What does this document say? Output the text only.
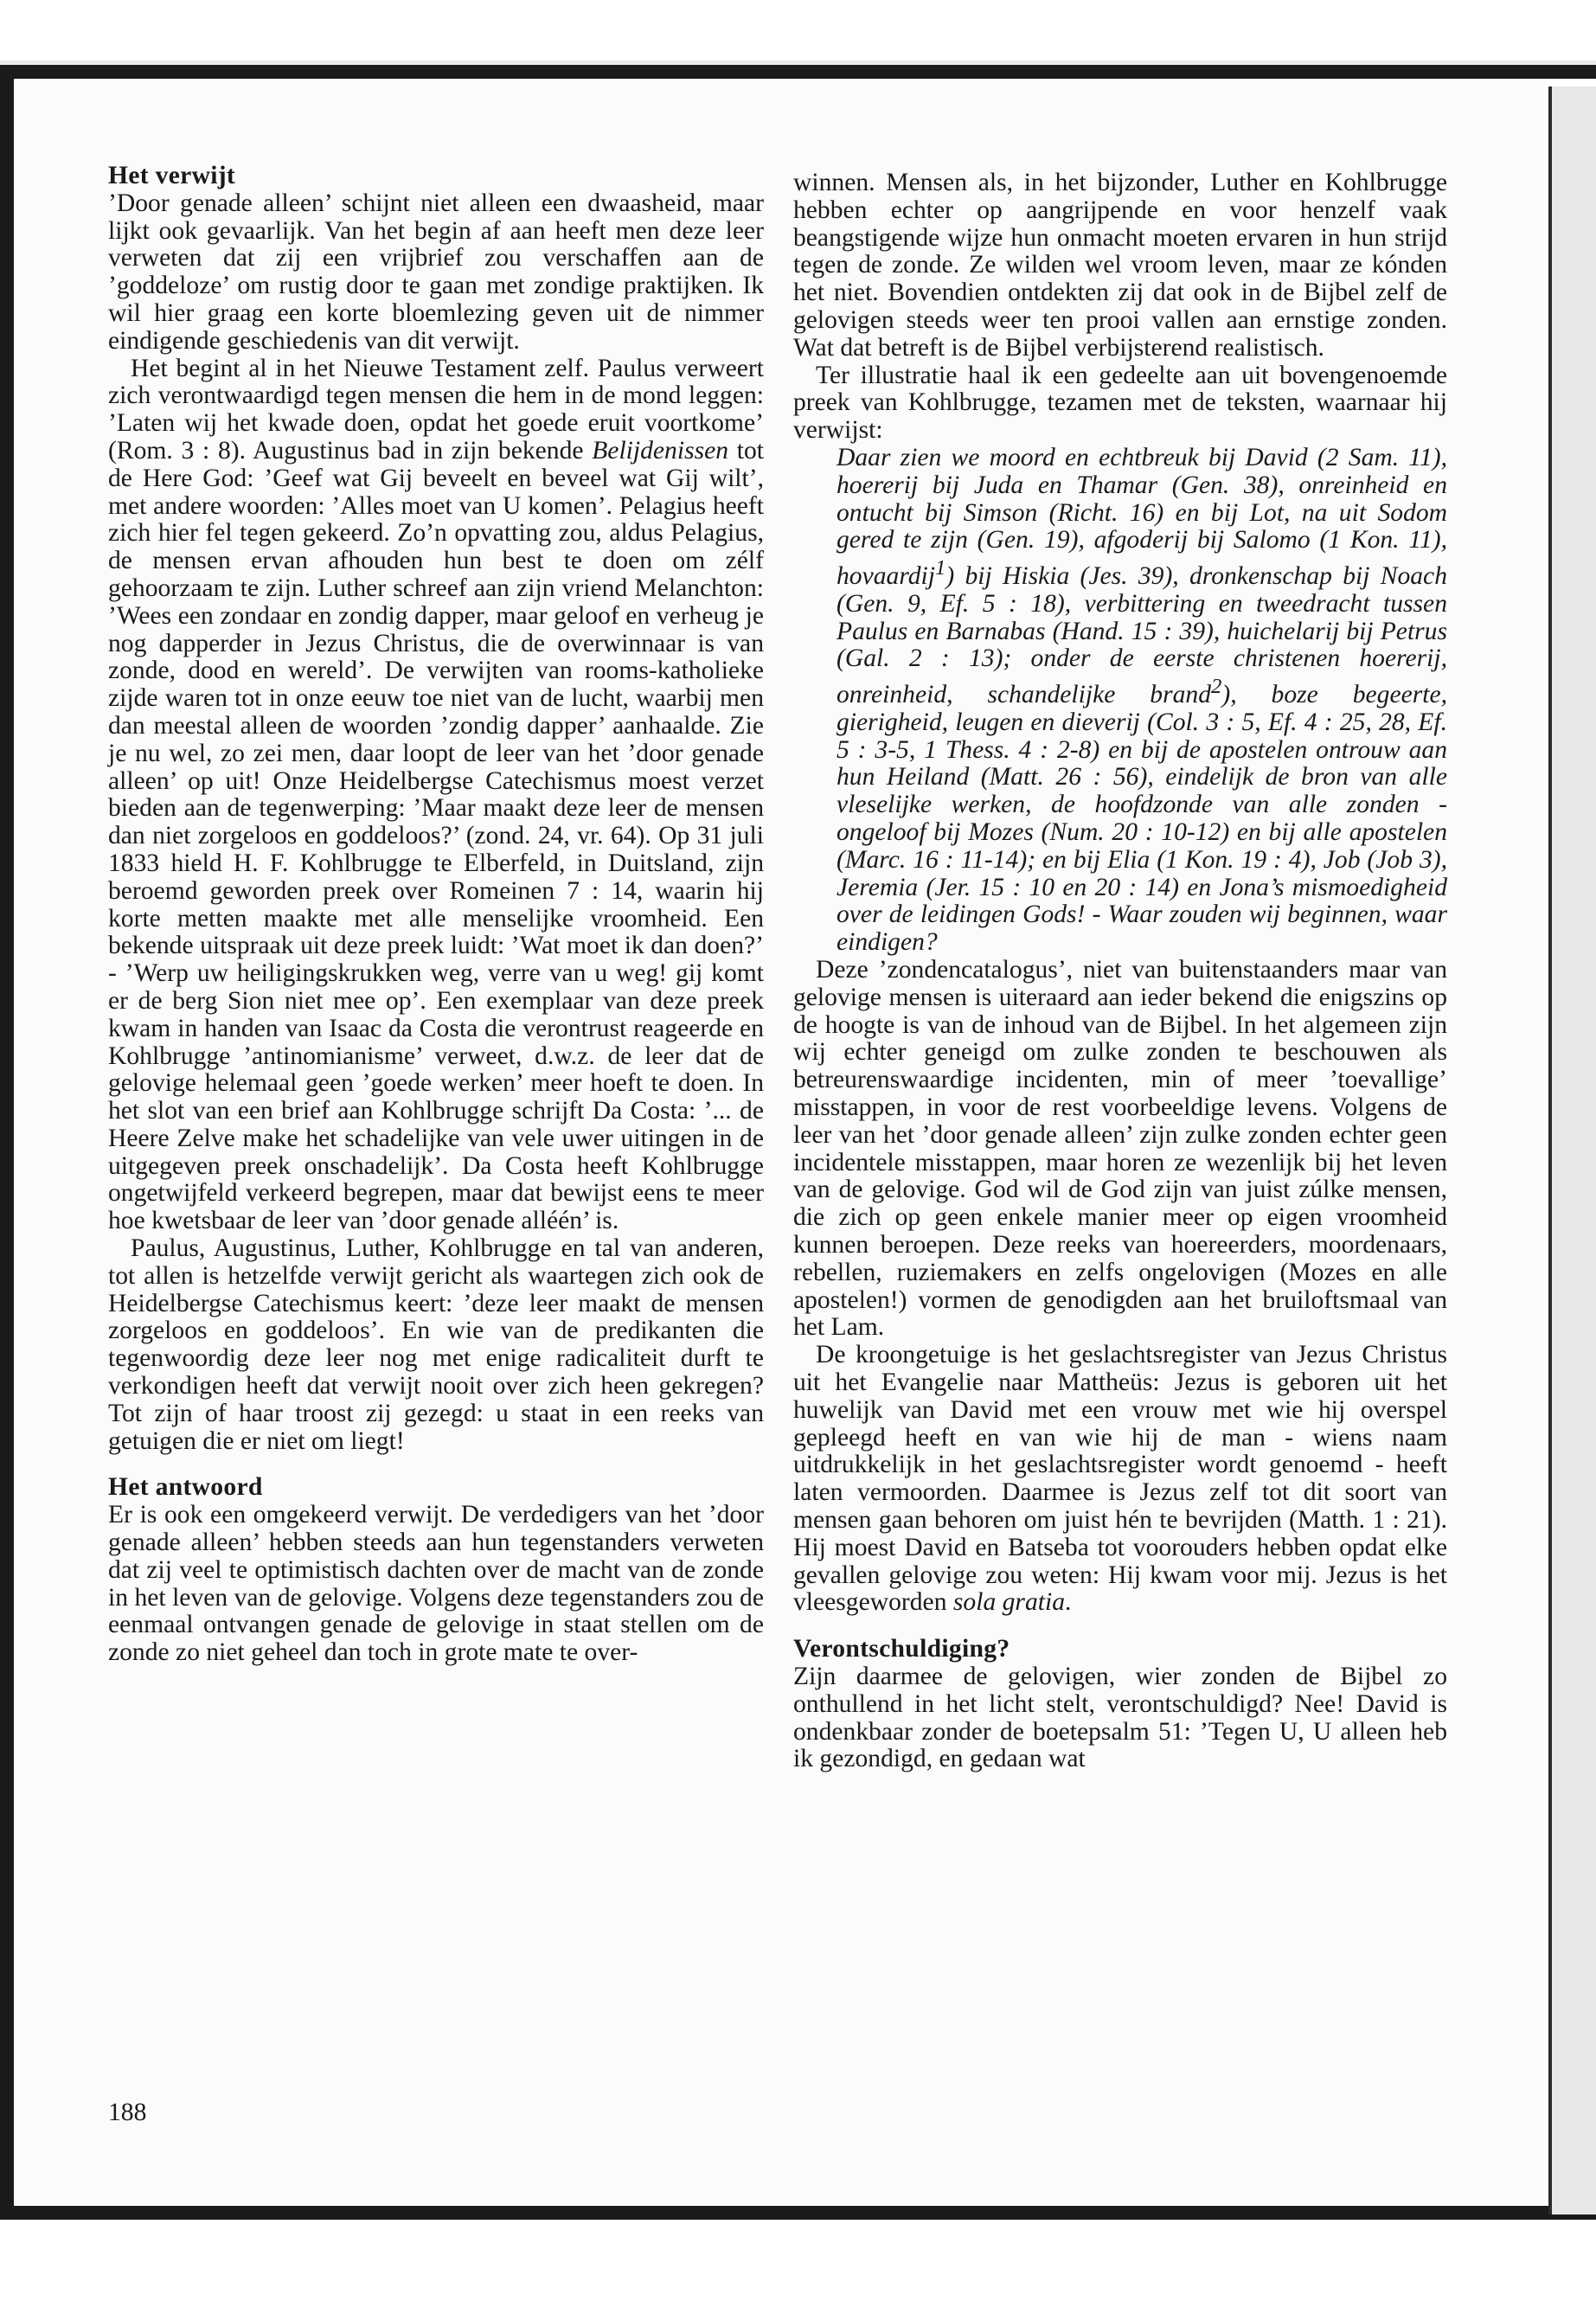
Het verwijt

’Door genade alleen’ schijnt niet alleen een dwaasheid, maar lijkt ook gevaarlijk. Van het begin af aan heeft men deze leer verweten dat zij een vrijbrief zou verschaffen aan de ’goddeloze’ om rustig door te gaan met zondige praktijken. Ik wil hier graag een korte bloemlezing geven uit de nimmer eindigende geschiedenis van dit verwijt.

Het begint al in het Nieuwe Testament zelf. Paulus verweert zich verontwaardigd tegen mensen die hem in de mond leggen: ’Laten wij het kwade doen, opdat het goede eruit voortkome’ (Rom. 3 : 8). Augustinus bad in zijn bekende Belijdenissen tot de Here God: ’Geef wat Gij beveelt en beveel wat Gij wilt’, met andere woorden: ’Alles moet van U komen’. Pelagius heeft zich hier fel tegen gekeerd. Zo’n opvatting zou, aldus Pelagius, de mensen ervan afhouden hun best te doen om zélf gehoorzaam te zijn. Luther schreef aan zijn vriend Melanchton: ’Wees een zondaar en zondig dapper, maar geloof en verheug je nog dapperder in Jezus Christus, die de overwinnaar is van zonde, dood en wereld’. De verwijten van rooms-katholieke zijde waren tot in onze eeuw toe niet van de lucht, waarbij men dan meestal alleen de woorden ’zondig dapper’ aanhaalde. Zie je nu wel, zo zei men, daar loopt de leer van het ’door genade alleen’ op uit! Onze Heidelbergse Catechismus moest verzet bieden aan de tegenwerping: ’Maar maakt deze leer de mensen dan niet zorgeloos en goddeloos?’ (zond. 24, vr. 64). Op 31 juli 1833 hield H. F. Kohlbrugge te Elberfeld, in Duitsland, zijn beroemd geworden preek over Romeinen 7 : 14, waarin hij korte metten maakte met alle menselijke vroomheid. Een bekende uitspraak uit deze preek luidt: ’Wat moet ik dan doen?’ - ’Werp uw heiligingskrukken weg, verre van u weg! gij komt er de berg Sion niet mee op’. Een exemplaar van deze preek kwam in handen van Isaac da Costa die verontrust reageerde en Kohlbrugge ’antinomianisme’ verweet, d.w.z. de leer dat de gelovige helemaal geen ’goede werken’ meer hoeft te doen. In het slot van een brief aan Kohlbrugge schrijft Da Costa: ’... de Heere Zelve make het schadelijke van vele uwer uitingen in de uitgegeven preek onschadelijk’. Da Costa heeft Kohlbrugge ongetwijfeld verkeerd begrepen, maar dat bewijst eens te meer hoe kwetsbaar de leer van ’door genade alléén’ is.

Paulus, Augustinus, Luther, Kohlbrugge en tal van anderen, tot allen is hetzelfde verwijt gericht als waartegen zich ook de Heidelbergse Catechismus keert: ’deze leer maakt de mensen zorgeloos en goddeloos’. En wie van de predikanten die tegenwoordig deze leer nog met enige radicaliteit durft te verkondigen heeft dat verwijt nooit over zich heen gekregen? Tot zijn of haar troost zij gezegd: u staat in een reeks van getuigen die er niet om liegt!

Het antwoord

Er is ook een omgekeerd verwijt. De verdedigers van het ’door genade alleen’ hebben steeds aan hun tegenstanders verweten dat zij veel te optimistisch dachten over de macht van de zonde in het leven van de gelovige. Volgens deze tegenstanders zou de eenmaal ontvangen genade de gelovige in staat stellen om de zonde zo niet geheel dan toch in grote mate te over-

188

winnen. Mensen als, in het bijzonder, Luther en Kohlbrugge hebben echter op aangrijpende en voor henzelf vaak beangstigende wijze hun onmacht moeten ervaren in hun strijd tegen de zonde. Ze wilden wel vroom leven, maar ze kónden het niet. Bovendien ontdekten zij dat ook in de Bijbel zelf de gelovigen steeds weer ten prooi vallen aan ernstige zonden. Wat dat betreft is de Bijbel verbijsterend realistisch.

Ter illustratie haal ik een gedeelte aan uit bovengenoemde preek van Kohlbrugge, tezamen met de teksten, waarnaar hij verwijst:

Daar zien we moord en echtbreuk bij David (2 Sam. 11), hoererij bij Juda en Thamar (Gen. 38), onreinheid en ontucht bij Simson (Richt. 16) en bij Lot, na uit Sodom gered te zijn (Gen. 19), afgoderij bij Salomo (1 Kon. 11), hovaardij$^1$) bij Hiskia (Jes. 39), dronkenschap bij Noach (Gen. 9, Ef. 5 : 18), verbittering en tweedracht tussen Paulus en Barnabas (Hand. 15 : 39), huichelarij bij Petrus (Gal. 2 : 13); onder de eerste christenen hoererij, onreinheid, schandelijke brand$^2$), boze begeerte, gierigheid, leugen en dieverij (Col. 3 : 5, Ef. 4 : 25, 28, Ef. 5 : 3-5, 1 Thess. 4 : 2-8) en bij de apostelen ontrouw aan hun Heiland (Matt. 26 : 56), eindelijk de bron van alle vleselijke werken, de hoofdzonde van alle zonden - ongeloof bij Mozes (Num. 20 : 10-12) en bij alle apostelen (Marc. 16 : 11-14); en bij Elia (1 Kon. 19 : 4), Job (Job 3), Jeremia (Jer. 15 : 10 en 20 : 14) en Jona’s mismoedigheid over de leidingen Gods! - Waar zouden wij beginnen, waar eindigen?

Deze ’zondencatalogus’, niet van buitenstaanders maar van gelovige mensen is uiteraard aan ieder bekend die enigszins op de hoogte is van de inhoud van de Bijbel. In het algemeen zijn wij echter geneigd om zulke zonden te beschouwen als betreurenswaardige incidenten, min of meer ’toevallige’ misstappen, in voor de rest voorbeeldige levens. Volgens de leer van het ’door genade alleen’ zijn zulke zonden echter geen incidentele misstappen, maar horen ze wezenlijk bij het leven van de gelovige. God wil de God zijn van juist zúlke mensen, die zich op geen enkele manier meer op eigen vroomheid kunnen beroepen. Deze reeks van hoereerders, moordenaars, rebellen, ruziemakers en zelfs ongelovigen (Mozes en alle apostelen!) vormen de genodigden aan het bruiloftsmaal van het Lam.

De kroongetuige is het geslachtsregister van Jezus Christus uit het Evangelie naar Mattheüs: Jezus is geboren uit het huwelijk van David met een vrouw met wie hij overspel gepleegd heeft en van wie hij de man - wiens naam uitdrukkelijk in het geslachtsregister wordt genoemd - heeft laten vermoorden. Daarmee is Jezus zelf tot dit soort van mensen gaan behoren om juist hén te bevrijden (Matth. 1 : 21). Hij moest David en Batseba tot voorouders hebben opdat elke gevallen gelovige zou weten: Hij kwam voor mij. Jezus is het vleesgeworden sola gratia.

Verontschuldiging?

Zijn daarmee de gelovigen, wier zonden de Bijbel zo onthullend in het licht stelt, verontschuldigd? Nee! David is ondenkbaar zonder de boetepsalm 51: ’Tegen U, U alleen heb ik gezondigd, en gedaan wat
